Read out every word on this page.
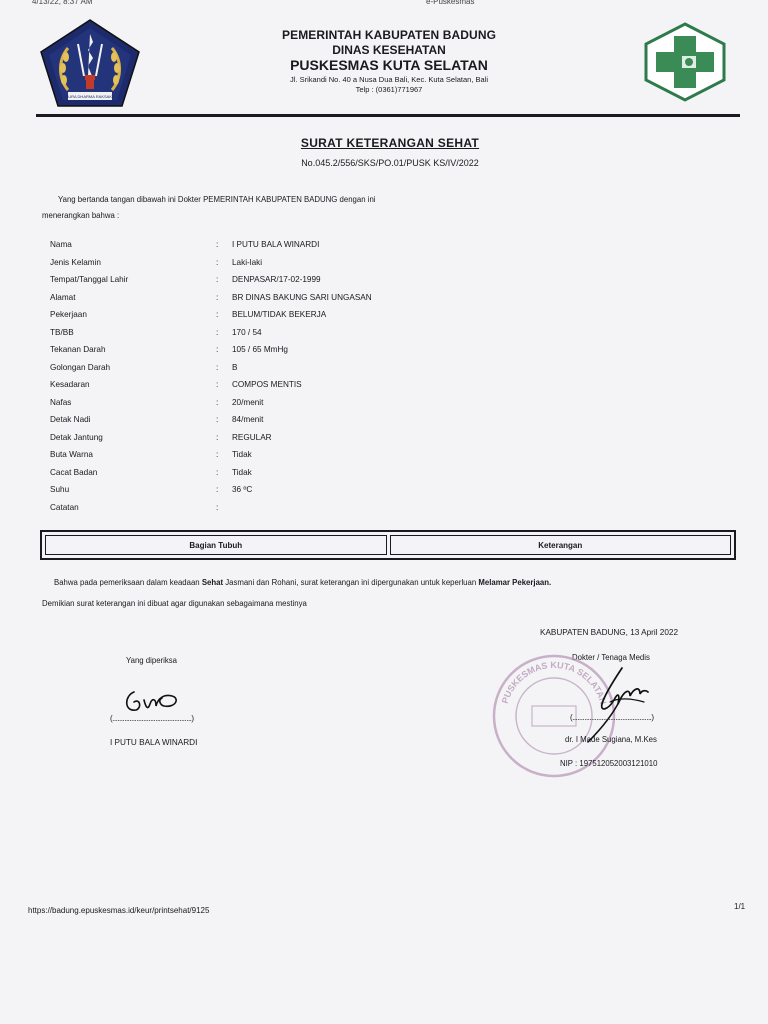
4/13/22, 8:37 AM	e-Puskesmas
CURA DHARMA RAKSAKA
PEMERINTAH KABUPATEN BADUNG
DINAS KESEHATAN
PUSKESMAS KUTA SELATAN
Jl. Srikandi No. 40 a Nusa Dua Bali, Kec. Kuta Selatan, Bali
Telp : (0361)771967
SURAT KETERANGAN SEHAT
No.045.2/556/SKS/PO.01/PUSK KS/IV/2022
Yang bertanda tangan dibawah ini Dokter PEMERINTAH KABUPATEN BADUNG dengan ini
menerangkan bahwa :
Nama	: I PUTU BALA WINARDI
Jenis Kelamin	: Laki-laki
Tempat/Tanggal Lahir	: DENPASAR/17-02-1999
Alamat	: BR DINAS BAKUNG SARI UNGASAN
Pekerjaan	: BELUM/TIDAK BEKERJA
TB/BB	: 170 / 54
Tekanan Darah	: 105 / 65 MmHg
Golongan Darah	: B
Kesadaran	: COMPOS MENTIS
Nafas	: 20/menit
Detak Nadi	: 84/menit
Detak Jantung	: REGULAR
Buta Warna	: Tidak
Cacat Badan	: Tidak
Suhu	: 36 ºC
Catatan	:
Bagian Tubuh	Keterangan
Bahwa pada pemeriksaan dalam keadaan Sehat Jasmani dan Rohani, surat keterangan ini dipergunakan untuk keperluan Melamar Pekerjaan.
Demikian surat keterangan ini dibuat agar digunakan sebagaimana mestinya
KABUPATEN BADUNG, 13 April 2022
Dokter / Tenaga Medis
Yang diperiksa
(..............................................)
I PUTU BALA WINARDI
PUSKESMAS KUTA SELATAN
(..............................................)
dr. I Made Sugiana, M.Kes
NIP : 197512052003121010
https://badung.epuskesmas.id/keur/printsehat/9125	1/1
